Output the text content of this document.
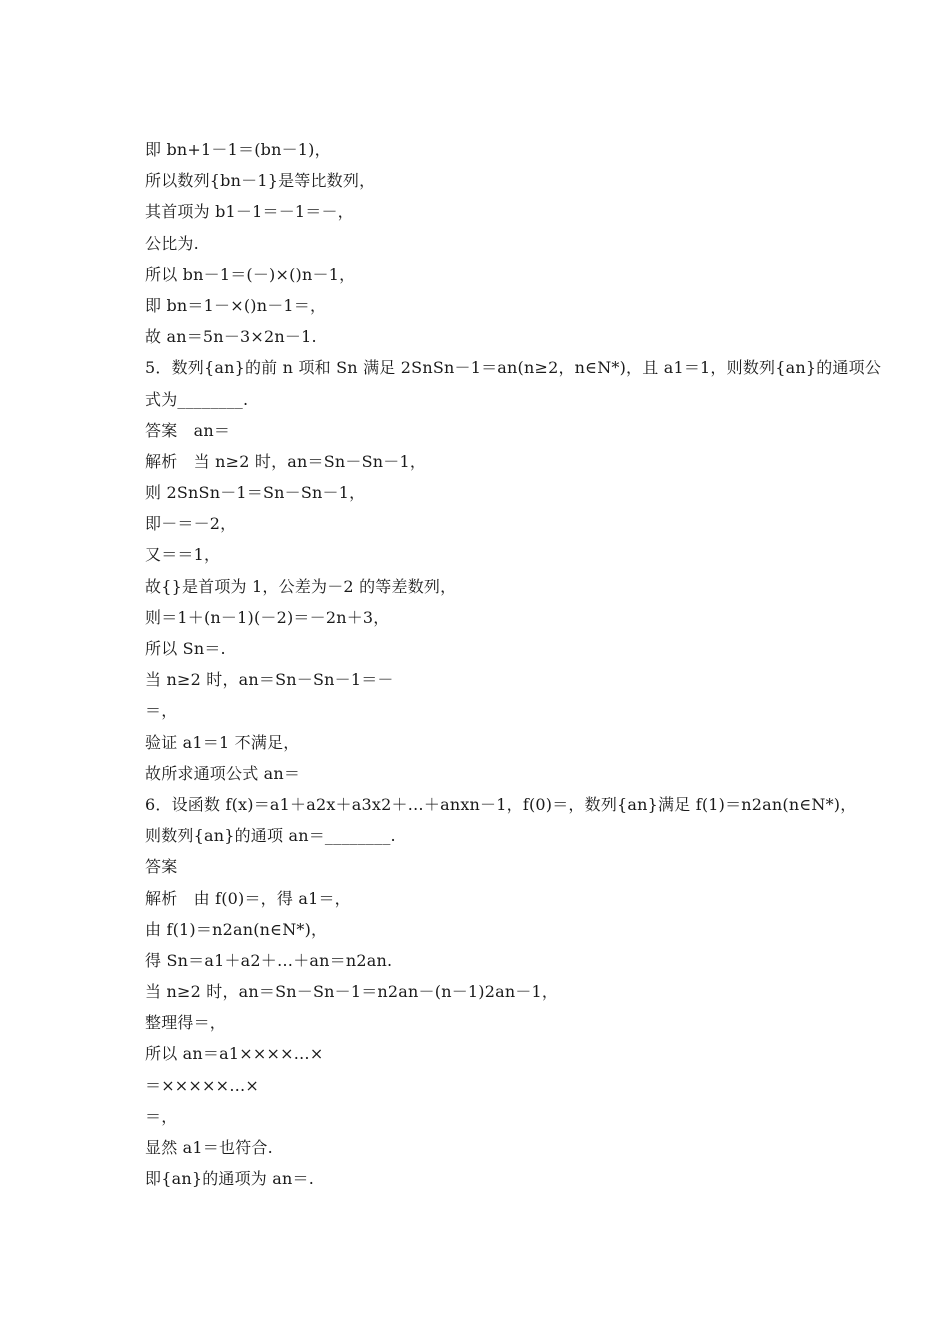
即 bn+1－1＝(bn－1)，
所以数列{bn－1}是等比数列，
其首项为 b1－1＝－1＝－，
公比为.
所以 bn－1＝(－)×()n－1，
即 bn＝1－×()n－1＝，
故 an＝5n－3×2n－1.
5．数列{an}的前 n 项和 Sn 满足 2SnSn－1＝an(n≥2，n∈N*)，且 a1＝1，则数列{an}的通项公
式为________.
答案　an＝
解析　当 n≥2 时，an＝Sn－Sn－1，
则 2SnSn－1＝Sn－Sn－1，
即－＝－2，
又＝＝1，
故{}是首项为 1，公差为－2 的等差数列，
则＝1＋(n－1)(－2)＝－2n＋3，
所以 Sn＝.
当 n≥2 时，an＝Sn－Sn－1＝－
＝，
验证 a1＝1 不满足，
故所求通项公式 an＝
6．设函数 f(x)＝a1＋a2x＋a3x2＋…＋anxn－1，f(0)＝，数列{an}满足 f(1)＝n2an(n∈N*)，
则数列{an}的通项 an＝________.
答案
解析　由 f(0)＝，得 a1＝，
由 f(1)＝n2an(n∈N*)，
得 Sn＝a1＋a2＋…＋an＝n2an.
当 n≥2 时，an＝Sn－Sn－1＝n2an－(n－1)2an－1，
整理得＝，
所以 an＝a1××××…×
＝×××××…×
＝，
显然 a1＝也符合.
即{an}的通项为 an＝.
